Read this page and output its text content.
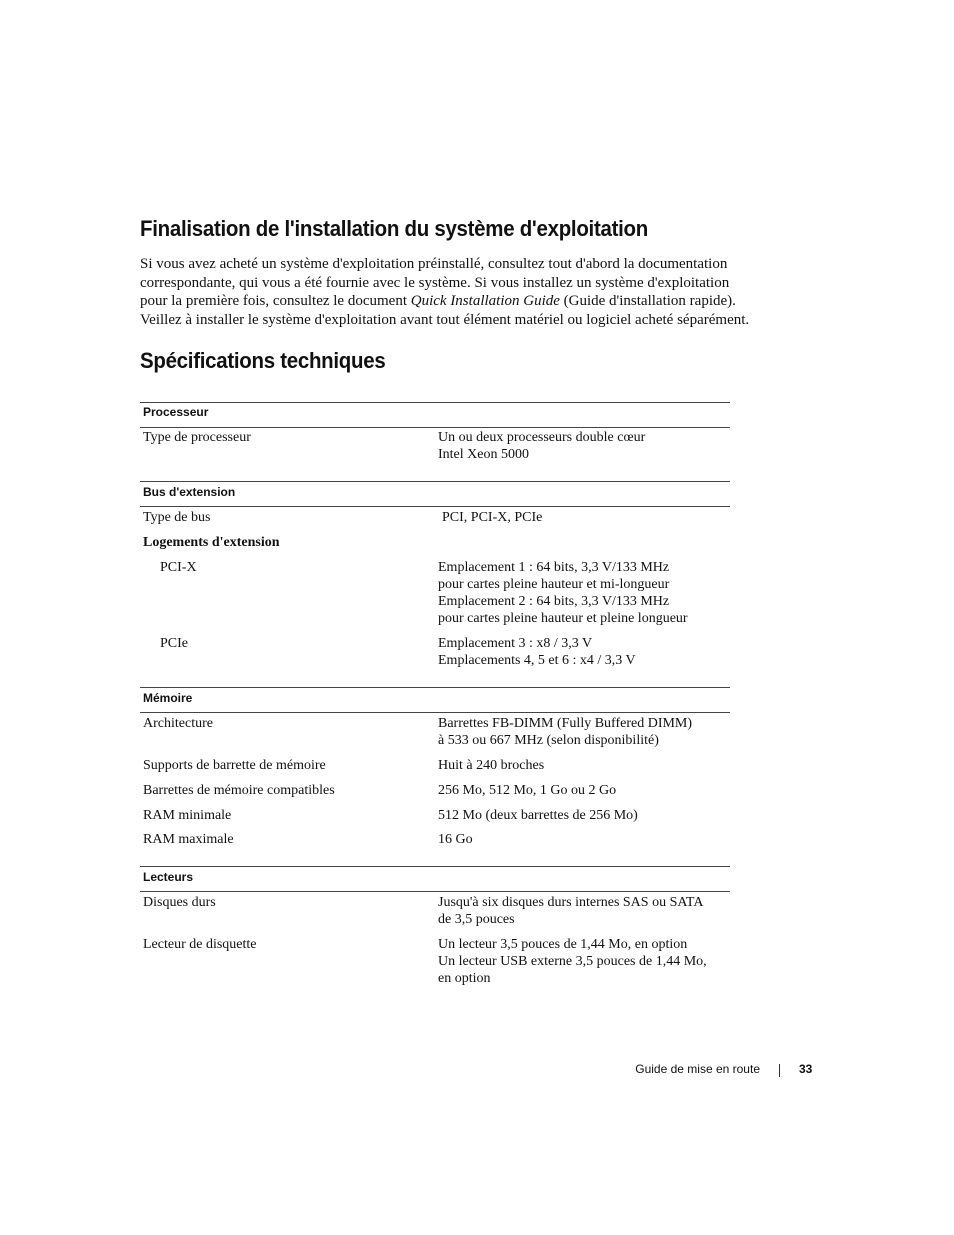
Finalisation de l'installation du système d'exploitation
Si vous avez acheté un système d'exploitation préinstallé, consultez tout d'abord la documentation
correspondante, qui vous a été fournie avec le système. Si vous installez un système d'exploitation
pour la première fois, consultez le document Quick Installation Guide (Guide d'installation rapide).
Veillez à installer le système d'exploitation avant tout élément matériel ou logiciel acheté séparément.
Spécifications techniques
Processeur
Type de processeur	Un ou deux processeurs double cœur
Intel Xeon 5000
Bus d'extension
Type de bus	PCI, PCI-X, PCIe
Logements d'extension
PCI-X	Emplacement 1 : 64 bits, 3,3 V/133 MHz
pour cartes pleine hauteur et mi-longueur
Emplacement 2 : 64 bits, 3,3 V/133 MHz
pour cartes pleine hauteur et pleine longueur
PCIe	Emplacement 3 : x8 / 3,3 V
Emplacements 4, 5 et 6 : x4 / 3,3 V
Mémoire
Architecture	Barrettes FB-DIMM (Fully Buffered DIMM)
à 533 ou 667 MHz (selon disponibilité)
Supports de barrette de mémoire	Huit à 240 broches
Barrettes de mémoire compatibles	256 Mo, 512 Mo, 1 Go ou 2 Go
RAM minimale	512 Mo (deux barrettes de 256 Mo)
RAM maximale	16 Go
Lecteurs
Disques durs	Jusqu'à six disques durs internes SAS ou SATA
de 3,5 pouces
Lecteur de disquette	Un lecteur 3,5 pouces de 1,44 Mo, en option
Un lecteur USB externe 3,5 pouces de 1,44 Mo,
en option
Guide de mise en route	33
